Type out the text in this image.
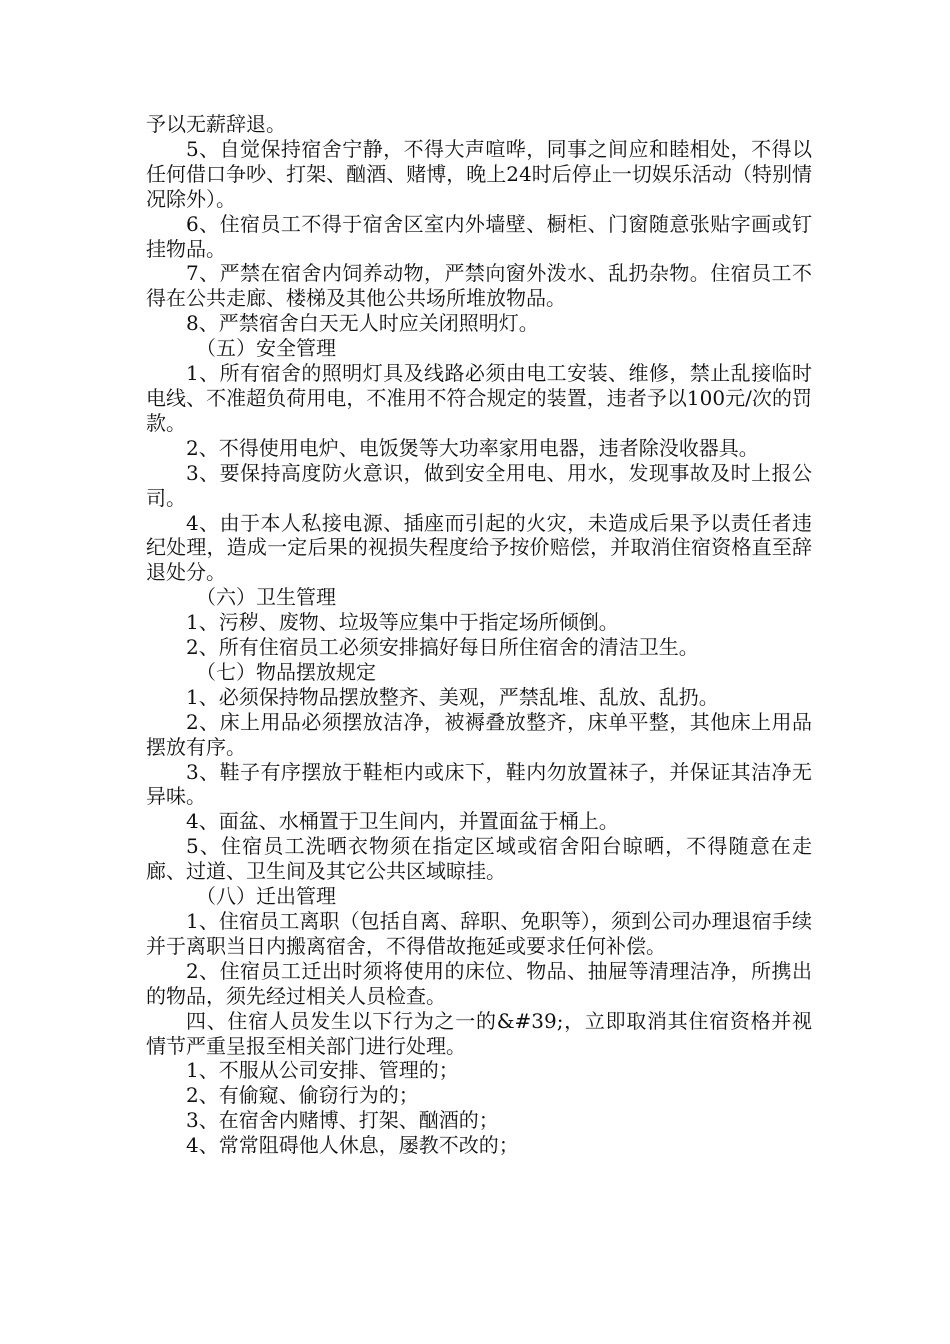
予以无薪辞退。

5、自觉保持宿舍宁静，不得大声喧哗，同事之间应和睦相处，不得以任何借口争吵、打架、酗酒、赌博，晚上24时后停止一切娱乐活动（特别情况除外）。

6、住宿员工不得于宿舍区室内外墙壁、橱柜、门窗随意张贴字画或钉挂物品。

7、严禁在宿舍内饲养动物，严禁向窗外泼水、乱扔杂物。住宿员工不得在公共走廊、楼梯及其他公共场所堆放物品。

8、严禁宿舍白天无人时应关闭照明灯。

（五）安全管理

1、所有宿舍的照明灯具及线路必须由电工安装、维修，禁止乱接临时电线、不准超负荷用电，不准用不符合规定的装置，违者予以100元/次的罚款。

2、不得使用电炉、电饭煲等大功率家用电器，违者除没收器具。

3、要保持高度防火意识，做到安全用电、用水，发现事故及时上报公司。

4、由于本人私接电源、插座而引起的火灾，未造成后果予以责任者违纪处理，造成一定后果的视损失程度给予按价赔偿，并取消住宿资格直至辞退处分。

（六）卫生管理

1、污秽、废物、垃圾等应集中于指定场所倾倒。

2、所有住宿员工必须安排搞好每日所住宿舍的清洁卫生。

（七）物品摆放规定

1、必须保持物品摆放整齐、美观，严禁乱堆、乱放、乱扔。

2、床上用品必须摆放洁净，被褥叠放整齐，床单平整，其他床上用品摆放有序。

3、鞋子有序摆放于鞋柜内或床下，鞋内勿放置袜子，并保证其洁净无异味。

4、面盆、水桶置于卫生间内，并置面盆于桶上。

5、住宿员工洗晒衣物须在指定区域或宿舍阳台晾晒，不得随意在走廊、过道、卫生间及其它公共区域晾挂。

（八）迁出管理

1、住宿员工离职（包括自离、辞职、免职等），须到公司办理退宿手续并于离职当日内搬离宿舍，不得借故拖延或要求任何补偿。

2、住宿员工迁出时须将使用的床位、物品、抽屉等清理洁净，所携出的物品，须先经过相关人员检查。

四、住宿人员发生以下行为之一的&#39;，立即取消其住宿资格并视情节严重呈报至相关部门进行处理。

1、不服从公司安排、管理的；

2、有偷窥、偷窃行为的；

3、在宿舍内赌博、打架、酗酒的；

4、常常阻碍他人休息，屡教不改的；
